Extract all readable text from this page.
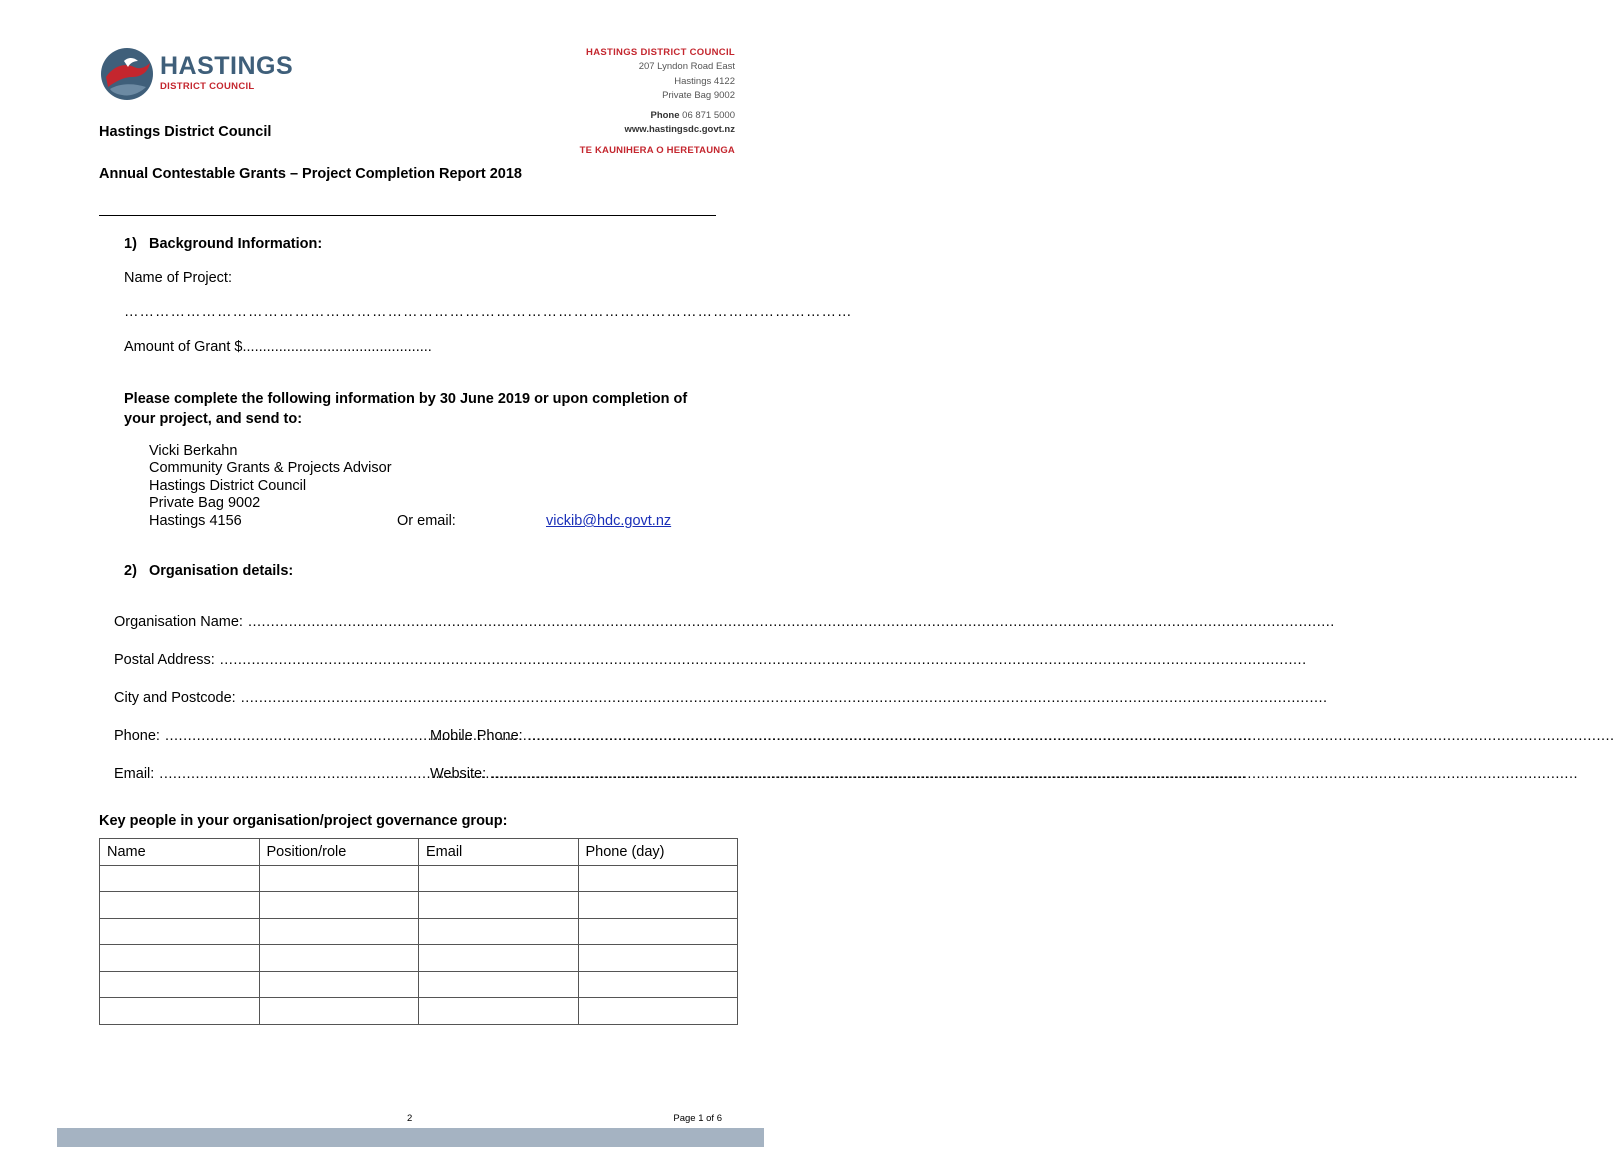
HASTINGS
DISTRICT COUNCIL
HASTINGS DISTRICT COUNCIL
207 Lyndon Road East
Hastings 4122
Private Bag 9002
Phone 06 871 5000
www.hastingsdc.govt.nz
TE KAUNIHERA O HERETAUNGA
Hastings District Council
Annual Contestable Grants – Project Completion Report 2018
1) Background Information:
Name of Project:
……………………………………………………………………………………………………………………………
Amount of Grant $...............................................
Please complete the following information by 30 June 2019 or upon completion of your project, and send to:
Vicki Berkahn
Community Grants & Projects Advisor
Hastings District Council
Private Bag 9002
Hastings 4156	Or email:	vickib@hdc.govt.nz
2) Organisation details:
Organisation Name:
.....
Postal Address:
.....
City and Postcode:
.....
Phone: .....	Mobile Phone:
.....
Email: .....	Website:
.....
Key people in your organisation/project governance group:
Name	Position/role	Email	Phone (day)

2	Page 1 of 6
